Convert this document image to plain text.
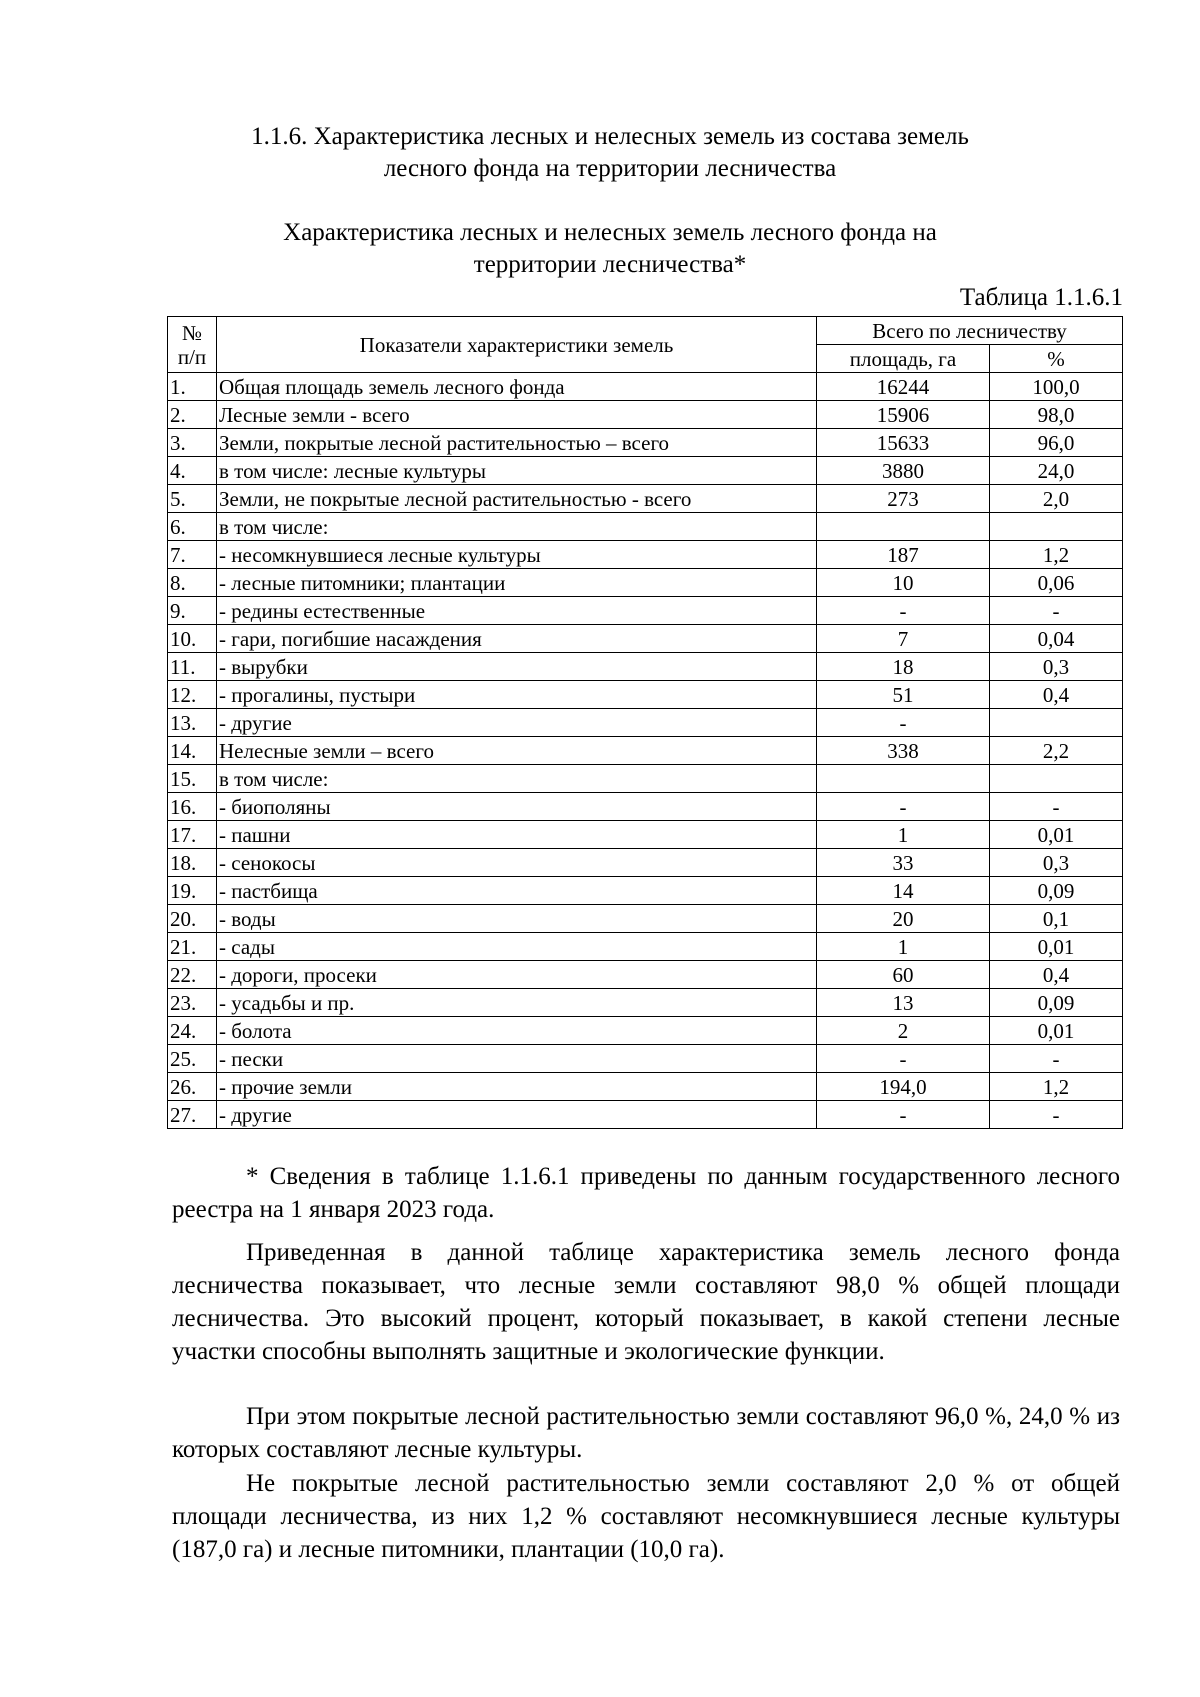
1.1.6. Характеристика лесных и нелесных земель из состава земель
лесного фонда на территории лесничества
Характеристика лесных и нелесных земель лесного фонда на
территории лесничества*
Таблица 1.1.6.1
№
п/п	Показатели характеристики земель	Всего по лесничеству	
		площадь, га	%
1.	Общая площадь земель лесного фонда	16244	100,0
2.	Лесные земли - всего	15906	98,0
3.	Земли, покрытые лесной растительностью – всего	15633	96,0
4.	в том числе: лесные культуры	3880	24,0
5.	Земли, не покрытые лесной растительностью - всего	273	2,0
6.	в том числе:		
7.	- несомкнувшиеся лесные культуры	187	1,2
8.	- лесные питомники; плантации	10	0,06
9.	- редины естественные	-	-
10.	- гари, погибшие насаждения	7	0,04
11.	- вырубки	18	0,3
12.	- прогалины, пустыри	51	0,4
13.	- другие	-	
14.	Нелесные земли – всего	338	2,2
15.	в том числе:		
16.	- биополяны	-	-
17.	- пашни	1	0,01
18.	- сенокосы	33	0,3
19.	- пастбища	14	0,09
20.	- воды	20	0,1
21.	- сады	1	0,01
22.	- дороги, просеки	60	0,4
23.	- усадьбы и пр.	13	0,09
24.	- болота	2	0,01
25.	- пески	-	-
26.	- прочие земли	194,0	1,2
27.	- другие	-	-

* Сведения в таблице 1.1.6.1 приведены по данным государственного лесного реестра на 1 января 2023 года.

Приведенная в данной таблице характеристика земель лесного фонда лесничества показывает, что лесные земли составляют 98,0 % общей площади лесничества. Это высокий процент, который показывает, в какой степени лесные участки способны выполнять защитные и экологические функции.

При этом покрытые лесной растительностью земли составляют 96,0 %, 24,0 % из которых составляют лесные культуры.

Не покрытые лесной растительностью земли составляют 2,0 % от общей площади лесничества, из них 1,2 % составляют несомкнувшиеся лесные культуры (187,0 га) и лесные питомники, плантации (10,0 га).
